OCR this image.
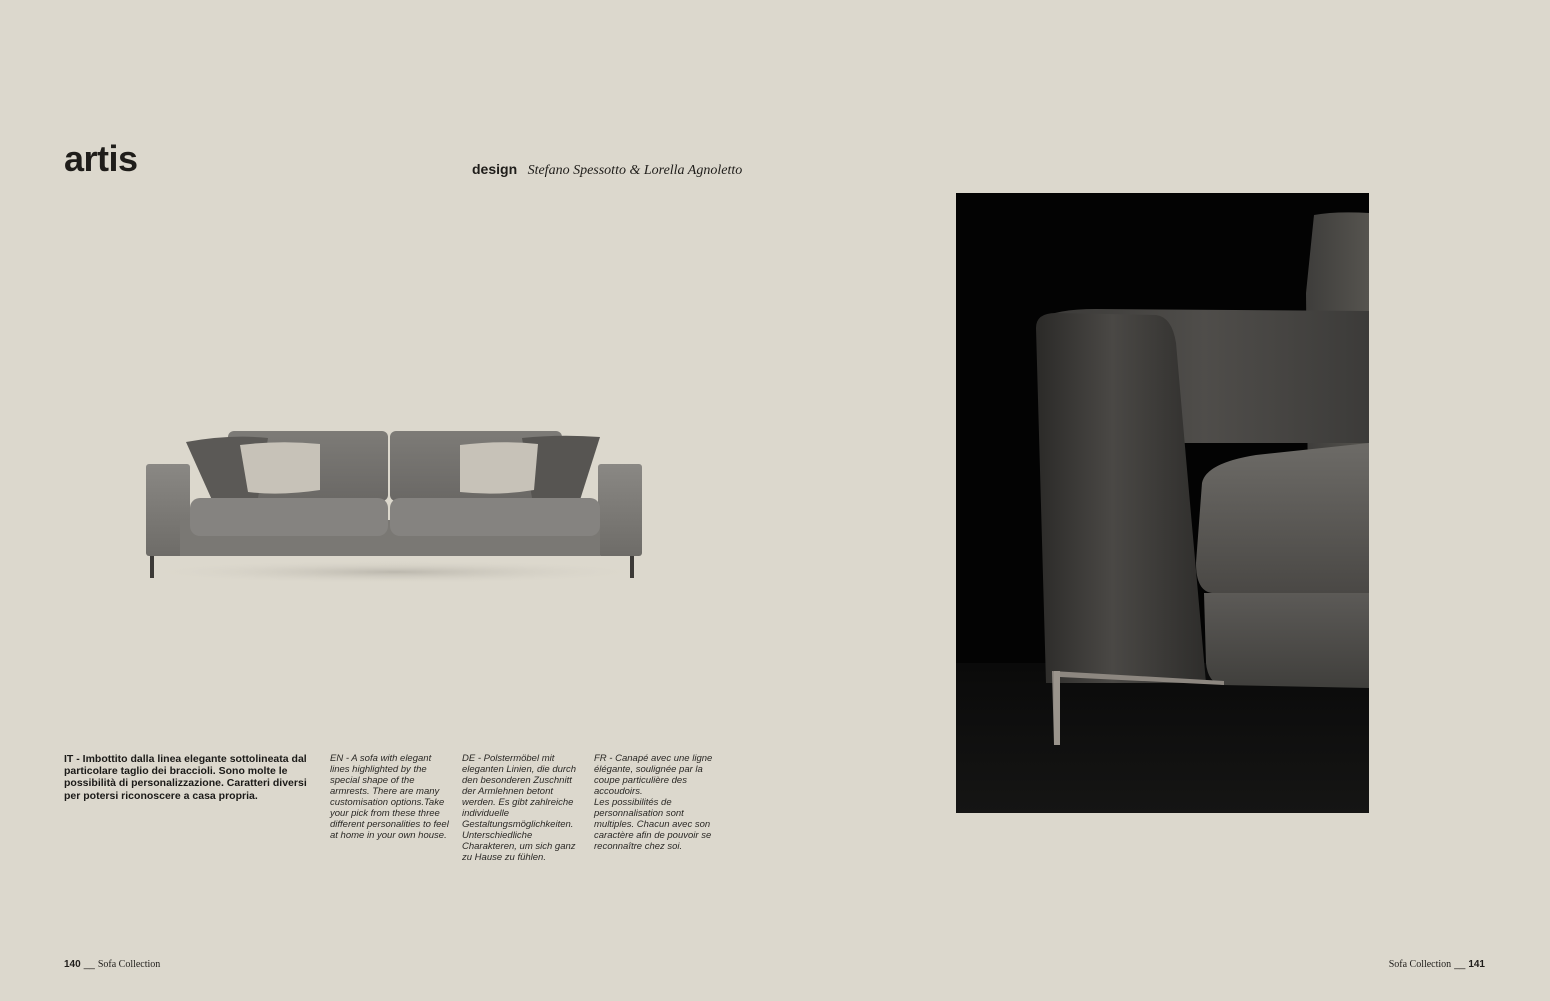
artis	design Stefano Spessotto & Lorella Agnoletto

IT - Imbottito dalla linea elegante sottolineata dal particolare taglio dei braccioli. Sono molte le possibilità di personalizzazione. Caratteri diversi per potersi riconoscere a casa propria.

EN - A sofa with elegant lines highlighted by the special shape of the armrests. There are many customisation options.Take your pick from these three different personalities to feel at home in your own house.

DE - Polstermöbel mit eleganten Linien, die durch den besonderen Zuschnitt der Armlehnen betont werden. Es gibt zahlreiche individuelle Gestaltungsmöglichkeiten. Unterschiedliche Charakteren, um sich ganz zu Hause zu fühlen.

FR - Canapé avec une ligne élégante, soulignée par la coupe particulière des accoudoirs.

Les possibilités de personnalisation sont multiples. Chacun avec son caractère afin de pouvoir se reconnaître chez soi.

140 __ Sofa Collection	Sofa Collection __ 141
